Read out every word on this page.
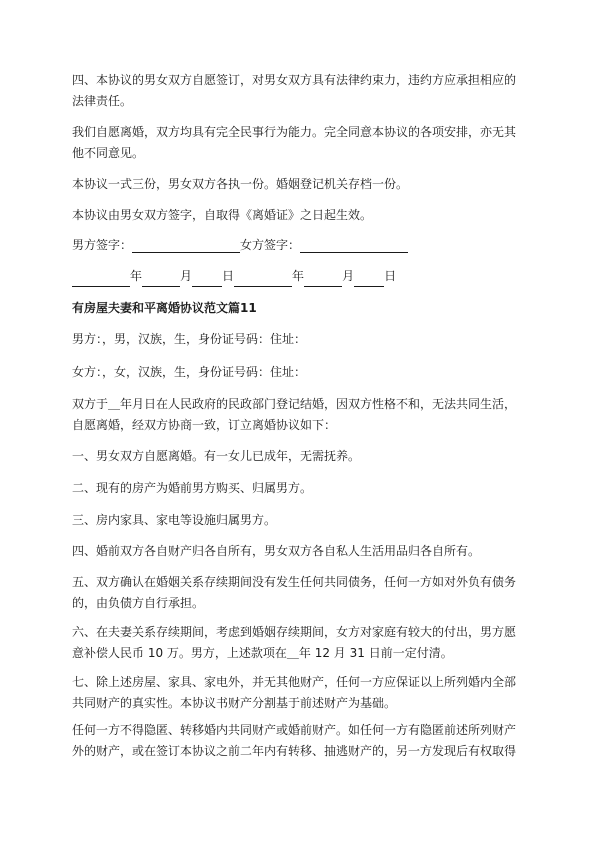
四、本协议的男女双方自愿签订，对男女双方具有法律约束力，违约方应承担相应的法律责任。

我们自愿离婚，双方均具有完全民事行为能力。完全同意本协议的各项安排，亦无其他不同意见。

本协议一式三份，男女双方各执一份。婚姻登记机关存档一份。

本协议由男女双方签字，自取得《离婚证》之日起生效。

男方签字：	女方签字：
年	月	日	年	月	日

有房屋夫妻和平离婚协议范文篇11

男方：，男，汉族，生，身份证号码：住址：

女方：，女，汉族，生，身份证号码：住址：

双方于＿年月日在人民政府的民政部门登记结婚，因双方性格不和，无法共同生活，自愿离婚，经双方协商一致，订立离婚协议如下：

一、男女双方自愿离婚。有一女儿已成年，无需抚养。

二、现有的房产为婚前男方购买、归属男方。

三、房内家具、家电等设施归属男方。

四、婚前双方各自财产归各自所有，男女双方各自私人生活用品归各自所有。

五、双方确认在婚姻关系存续期间没有发生任何共同债务，任何一方如对外负有债务的，由负债方自行承担。

六、在夫妻关系存续期间，考虑到婚姻存续期间，女方对家庭有较大的付出，男方愿意补偿人民币 10 万。男方，上述款项在＿年 12 月 31 日前一定付清。

七、除上述房屋、家具、家电外，并无其他财产，任何一方应保证以上所列婚内全部共同财产的真实性。本协议书财产分割基于前述财产为基础。

任何一方不得隐匿、转移婚内共同财产或婚前财产。如任何一方有隐匿前述所列财产外的财产，或在签订本协议之前二年内有转移、抽逃财产的，另一方发现后有权取得
